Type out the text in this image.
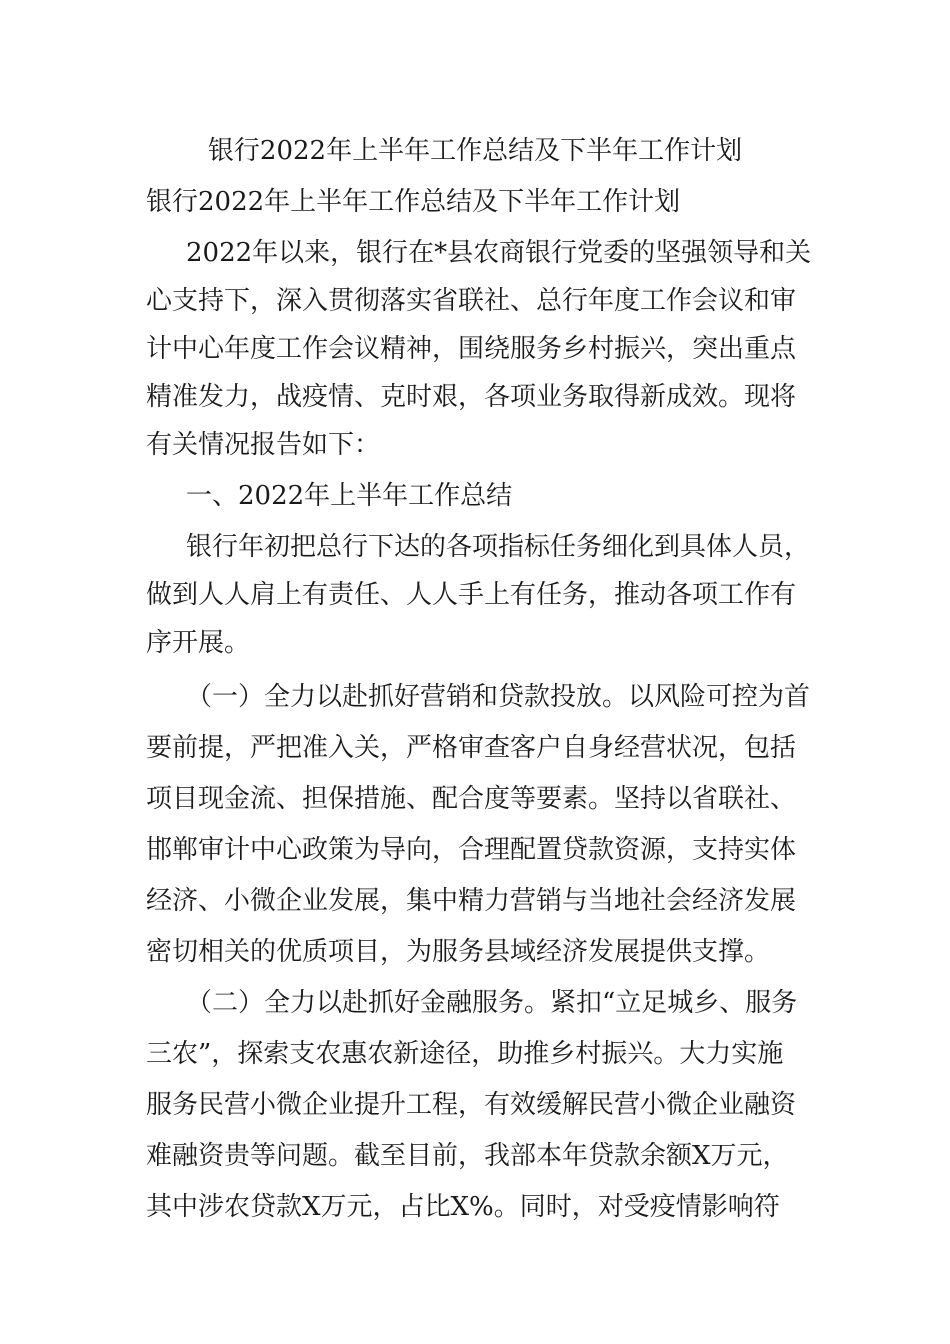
银行2022年上半年工作总结及下半年工作计划
银行2022年上半年工作总结及下半年工作计划
2022年以来，银行在*县农商银行党委的坚强领导和关
心支持下，深入贯彻落实省联社、总行年度工作会议和审
计中心年度工作会议精神，围绕服务乡村振兴，突出重点
精准发力，战疫情、克时艰，各项业务取得新成效。现将
有关情况报告如下：
一、2022年上半年工作总结
银行年初把总行下达的各项指标任务细化到具体人员，
做到人人肩上有责任、人人手上有任务，推动各项工作有
序开展。
（一）全力以赴抓好营销和贷款投放。以风险可控为首
要前提，严把准入关，严格审查客户自身经营状况，包括
项目现金流、担保措施、配合度等要素。坚持以省联社、
邯郸审计中心政策为导向，合理配置贷款资源，支持实体
经济、小微企业发展，集中精力营销与当地社会经济发展
密切相关的优质项目，为服务县域经济发展提供支撑。
（二）全力以赴抓好金融服务。紧扣“立足城乡、服务
三农”，探索支农惠农新途径，助推乡村振兴。大力实施
服务民营小微企业提升工程，有效缓解民营小微企业融资
难融资贵等问题。截至目前，我部本年贷款余额X万元，
其中涉农贷款X万元，占比X%。同时，对受疫情影响符
